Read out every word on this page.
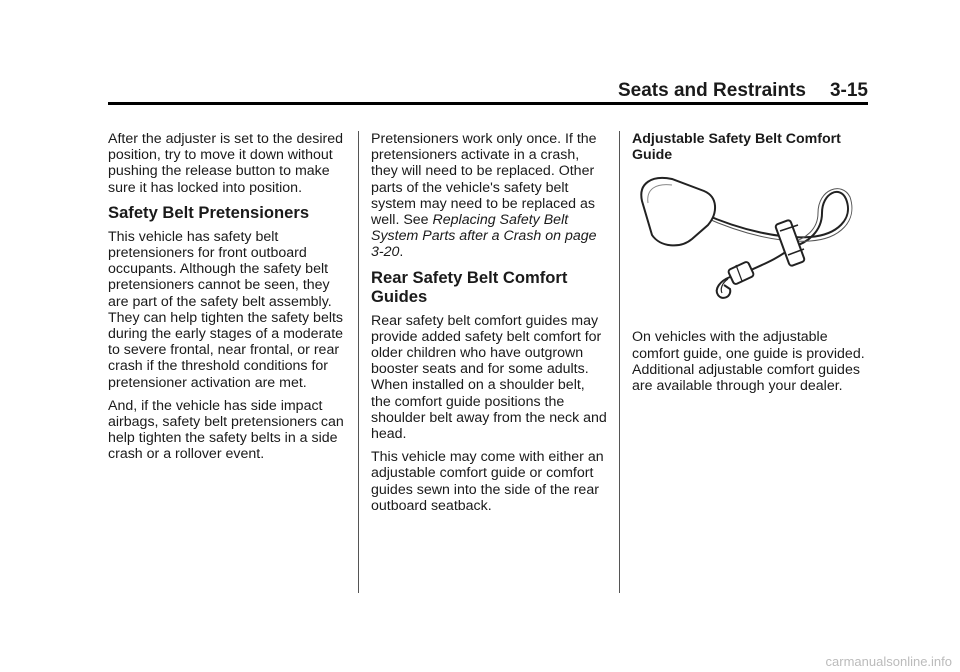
Seats and Restraints 3-15

After the adjuster is set to the desired position, try to move it down without pushing the release button to make sure it has locked into position.

Safety Belt Pretensioners

This vehicle has safety belt pretensioners for front outboard occupants. Although the safety belt pretensioners cannot be seen, they are part of the safety belt assembly. They can help tighten the safety belts during the early stages of a moderate to severe frontal, near frontal, or rear crash if the threshold conditions for pretensioner activation are met.

And, if the vehicle has side impact airbags, safety belt pretensioners can help tighten the safety belts in a side crash or a rollover event.

Pretensioners work only once. If the pretensioners activate in a crash, they will need to be replaced. Other parts of the vehicle's safety belt system may need to be replaced as well. See Replacing Safety Belt System Parts after a Crash on page 3-20.

Rear Safety Belt Comfort Guides

Rear safety belt comfort guides may provide added safety belt comfort for older children who have outgrown booster seats and for some adults. When installed on a shoulder belt, the comfort guide positions the shoulder belt away from the neck and head.

This vehicle may come with either an adjustable comfort guide or comfort guides sewn into the side of the rear outboard seatback.

Adjustable Safety Belt Comfort Guide

On vehicles with the adjustable comfort guide, one guide is provided. Additional adjustable comfort guides are available through your dealer.

carmanualsonline.info
